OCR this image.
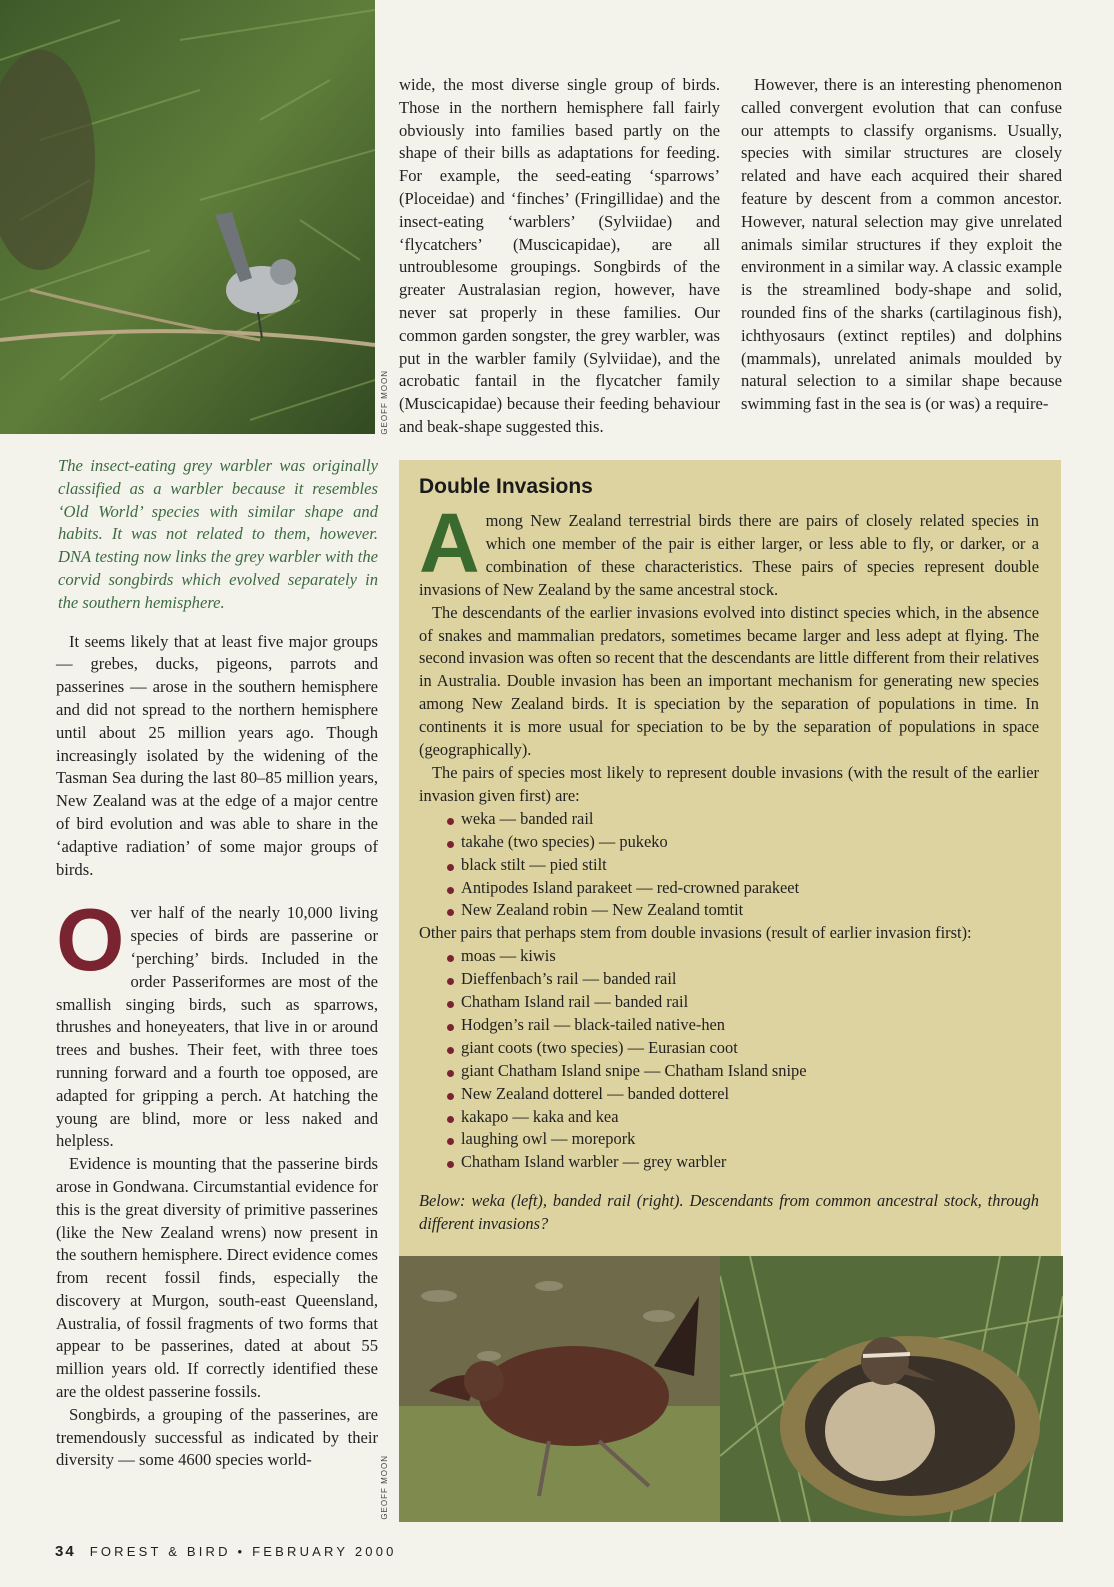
GEOFF MOON

wide, the most diverse single group of birds. Those in the northern hemisphere fall fairly obviously into families based partly on the shape of their bills as adaptations for feeding. For example, the seed-eating ‘sparrows’ (Ploceidae) and ‘finches’ (Fringillidae) and the insect-eating ‘warblers’ (Sylviidae) and ‘flycatchers’ (Muscicapidae), are all untroublesome groupings. Songbirds of the greater Australasian region, however, have never sat properly in these families. Our common garden songster, the grey warbler, was put in the warbler family (Sylviidae), and the acrobatic fantail in the flycatcher family (Muscicapidae) because their feeding behaviour and beak-shape suggested this.

However, there is an interesting phenomenon called convergent evolution that can confuse our attempts to classify organisms. Usually, species with similar structures are closely related and have each acquired their shared feature by descent from a common ancestor. However, natural selection may give unrelated animals similar structures if they exploit the environment in a similar way. A classic example is the streamlined body-shape and solid, rounded fins of the sharks (cartilaginous fish), ichthyosaurs (extinct reptiles) and dolphins (mammals), unrelated animals moulded by natural selection to a similar shape because swimming fast in the sea is (or was) a require-

The insect-eating grey warbler was originally classified as a warbler because it resembles ‘Old World’ species with similar shape and habits. It was not related to them, however. DNA testing now links the grey warbler with the corvid songbirds which evolved separately in the southern hemisphere.

It seems likely that at least five major groups — grebes, ducks, pigeons, parrots and passerines — arose in the southern hemisphere and did not spread to the northern hemisphere until about 25 million years ago. Though increasingly isolated by the widening of the Tasman Sea during the last 80–85 million years, New Zealand was at the edge of a major centre of bird evolution and was able to share in the ‘adaptive radiation’ of some major groups of birds.

O ver half of the nearly 10,000 living species of birds are passerine or ‘perching’ birds. Included in the order Passeriformes are most of the smallish singing birds, such as sparrows, thrushes and honeyeaters, that live in or around trees and bushes. Their feet, with three toes running forward and a fourth toe opposed, are adapted for gripping a perch. At hatching the young are blind, more or less naked and helpless.

Evidence is mounting that the passerine birds arose in Gondwana. Circumstantial evidence for this is the great diversity of primitive passerines (like the New Zealand wrens) now present in the southern hemisphere. Direct evidence comes from recent fossil finds, especially the discovery at Murgon, south-east Queensland, Australia, of fossil fragments of two forms that appear to be passerines, dated at about 55 million years old. If correctly identified these are the oldest passerine fossils.

Songbirds, a grouping of the passerines, are tremendously successful as indicated by their diversity — some 4600 species world-	GEOFF MOON
Double Invasions
A mong New Zealand terrestrial birds there are pairs of closely related species in which one member of the pair is either larger, or less able to fly, or darker, or a combination of these characteristics. These pairs of species represent double invasions of New Zealand by the same ancestral stock.

The descendants of the earlier invasions evolved into distinct species which, in the absence of snakes and mammalian predators, sometimes became larger and less adept at flying. The second invasion was often so recent that the descendants are little different from their relatives in Australia. Double invasion has been an important mechanism for generating new species among New Zealand birds. It is speciation by the separation of populations in time. In continents it is more usual for speciation to be by the separation of populations in space (geographically).

The pairs of species most likely to represent double invasions (with the result of the earlier invasion given first) are:

weka — banded rail
takahe (two species) — pukeko
black stilt — pied stilt
Antipodes Island parakeet — red-crowned parakeet
New Zealand robin — New Zealand tomtit

Other pairs that perhaps stem from double invasions (result of earlier invasion first):

moas — kiwis
Dieffenbach’s rail — banded rail
Chatham Island rail — banded rail
Hodgen’s rail — black-tailed native-hen
giant coots (two species) — Eurasian coot
giant Chatham Island snipe — Chatham Island snipe
New Zealand dotterel — banded dotterel
kakapo — kaka and kea
laughing owl — morepork
Chatham Island warbler — grey warbler

Below: weka (left), banded rail (right). Descendants from common ancestral stock, through different invasions?

34 FOREST & BIRD • FEBRUARY 2000
